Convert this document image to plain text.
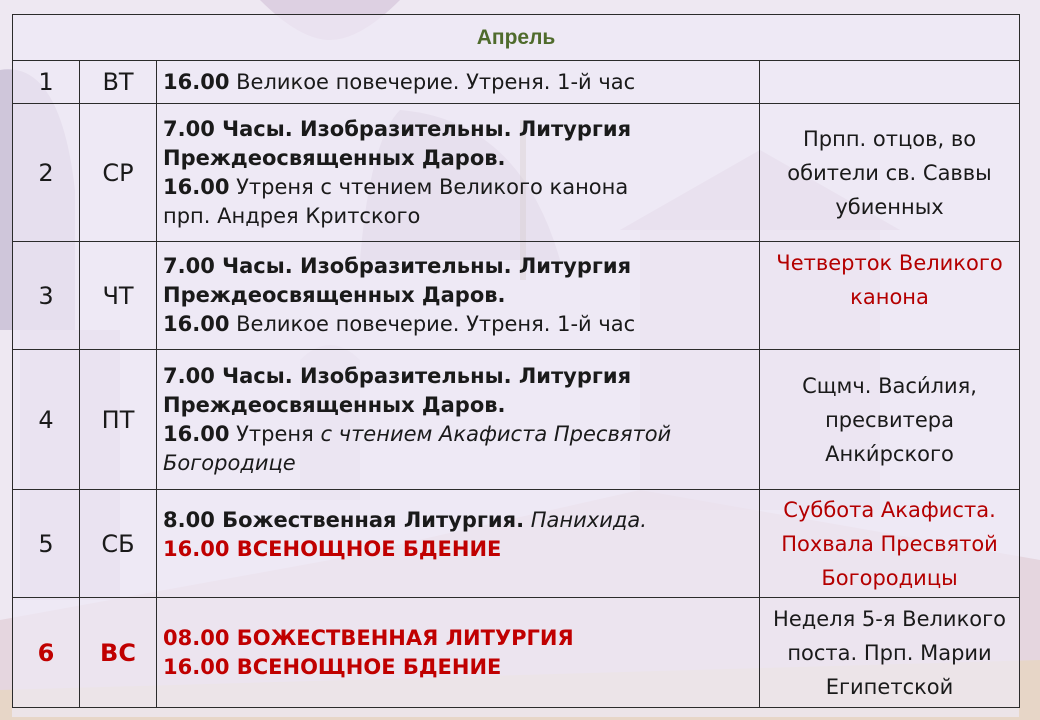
Апрель			
1	ВТ	16.00 Великое повечерие. Утреня. 1-й час	

2	СР	7.00 Часы. Изобразительны. Литургия
Преждеосвященных Даров.
16.00 Утреня с чтением Великого канона
прп. Андрея Критского	Прпп. отцов, во
обители св. Саввы
убиенных

3	ЧТ	7.00 Часы. Изобразительны. Литургия
Преждеосвященных Даров.
16.00 Великое повечерие. Утреня. 1-й час	Четверток Великого
канона

4	ПТ	7.00 Часы. Изобразительны. Литургия
Преждеосвященных Даров.
16.00 Утреня с чтением Акафиста Пресвятой
Богородице	Сщмч. Васи́лия,
пресвитера
Анки́рского

5	СБ	8.00 Божественная Литургия. Панихида.
16.00 ВСЕНОЩНОЕ БДЕНИЕ	Суббота Акафиста.
Похвала Пресвятой
Богородицы

6	ВС	08.00 БОЖЕСТВЕННАЯ ЛИТУРГИЯ
16.00 ВСЕНОЩНОЕ БДЕНИЕ	Неделя 5-я Великого
поста. Прп. Марии
Египетской
